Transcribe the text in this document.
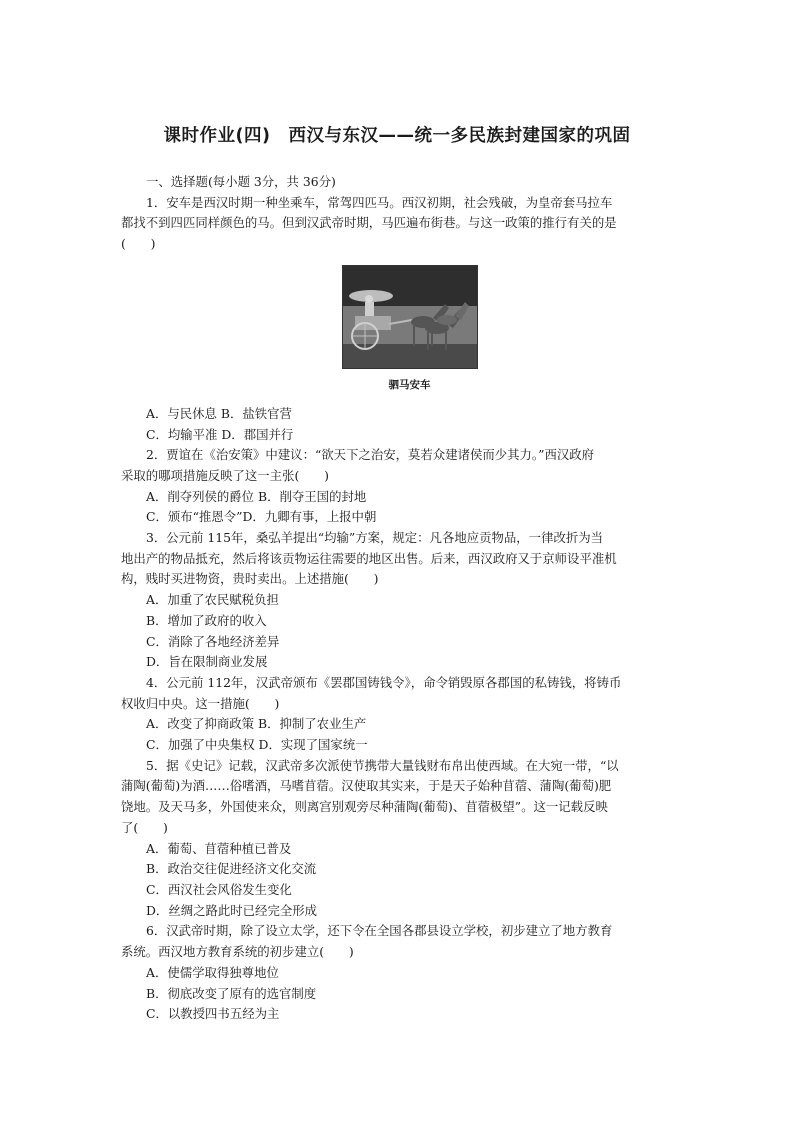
课时作业(四) 西汉与东汉——统一多民族封建国家的巩固
一、选择题(每小题 3分，共 36分)
1．安车是西汉时期一种坐乘车，常驾四匹马。西汉初期，社会残破，为皇帝套马拉车
都找不到四匹同样颜色的马。但到汉武帝时期，马匹遍布街巷。与这一政策的推行有关的是
(　　)
驷马安车
A．与民休息 B．盐铁官营
C．均输平准 D．郡国并行
2．贾谊在《治安策》中建议：“欲天下之治安，莫若众建诸侯而少其力。”西汉政府
采取的哪项措施反映了这一主张(　　)
A．削夺列侯的爵位 B．削夺王国的封地
C．颁布“推恩令”D．九卿有事，上报中朝
3．公元前 115年，桑弘羊提出“均输”方案，规定：凡各地应贡物品，一律改折为当
地出产的物品抵充，然后将该贡物运往需要的地区出售。后来，西汉政府又于京师设平准机
构，贱时买进物资，贵时卖出。上述措施(　　)
A．加重了农民赋税负担
B．增加了政府的收入
C．消除了各地经济差异
D．旨在限制商业发展
4．公元前 112年，汉武帝颁布《罢郡国铸钱令》，命令销毁原各郡国的私铸钱，将铸币
权收归中央。这一措施(　　)
A．改变了抑商政策 B．抑制了农业生产
C．加强了中央集权 D．实现了国家统一
5．据《史记》记载，汉武帝多次派使节携带大量钱财布帛出使西域。在大宛一带，“以
蒲陶(葡萄)为酒……俗嗜酒，马嗜苜蓿。汉使取其实来，于是天子始种苜蓿、蒲陶(葡萄)肥
饶地。及天马多，外国使来众，则离宫别观旁尽种蒲陶(葡萄)、苜蓿极望”。这一记载反映
了(　　)
A．葡萄、苜蓿种植已普及
B．政治交往促进经济文化交流
C．西汉社会风俗发生变化
D．丝绸之路此时已经完全形成
6．汉武帝时期，除了设立太学，还下令在全国各郡县设立学校，初步建立了地方教育
系统。西汉地方教育系统的初步建立(　　)
A．使儒学取得独尊地位
B．彻底改变了原有的选官制度
C．以教授四书五经为主
